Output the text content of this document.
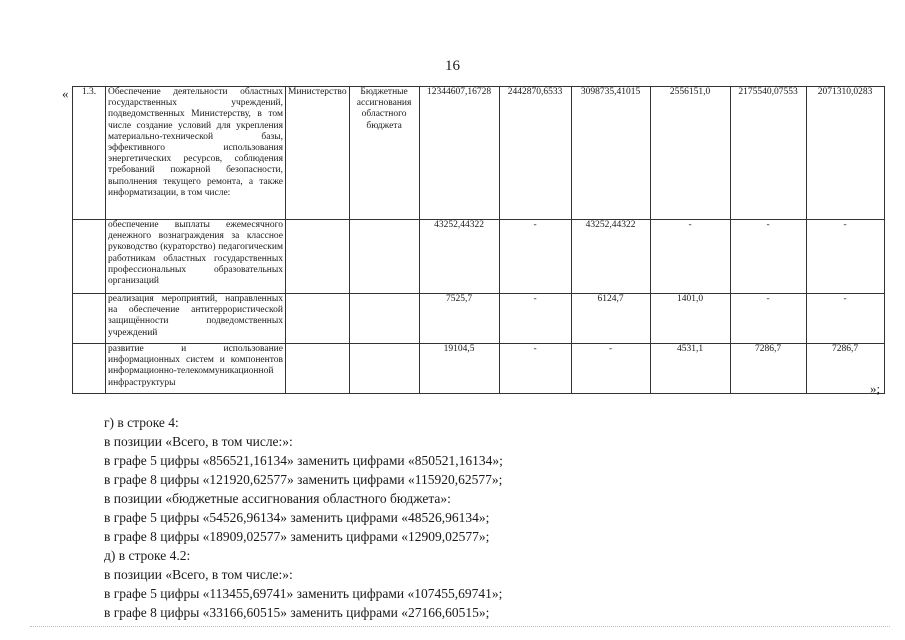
16
« 1.3.	Обеспечение деятельности областных государственных учреждений, подведомственных Министерству, в том числе создание условий для укрепления материально-технической базы, эффективного использования энергетических ресурсов, соблюдения требований пожарной безопасности, выполнения текущего ремонта, а также информатизации, в том числе:	Министерство	Бюджетные ассигнования областного бюджета	12344607,16728	2442870,6533	3098735,41015	2556151,0	2175540,07553	2071310,0283
	обеспечение выплаты ежемесячного денежного вознаграждения за классное руководство (кураторство) педагогическим работникам областных государственных профессиональных образовательных организаций			43252,44322	-	43252,44322	-	-	-
	реализация мероприятий, направленных на обеспечение антитеррористической защищённости подведомственных учреждений			7525,7	-	6124,7	1401,0	-	-
	развитие и использование информационных систем и компонентов информационно-телекоммуникационной инфраструктуры			19104,5	-	-	4531,1	7286,7	7286,7
»;
г) в строке 4:
в позиции «Всего, в том числе:»:
в графе 5 цифры «856521,16134» заменить цифрами «850521,16134»;
в графе 8 цифры «121920,62577» заменить цифрами «115920,62577»;
в позиции «бюджетные ассигнования областного бюджета»:
в графе 5 цифры «54526,96134» заменить цифрами «48526,96134»;
в графе 8 цифры «18909,02577» заменить цифрами «12909,02577»;
д) в строке 4.2:
в позиции «Всего, в том числе:»:
в графе 5 цифры «113455,69741» заменить цифрами «107455,69741»;
в графе 8 цифры «33166,60515» заменить цифрами «27166,60515»;
